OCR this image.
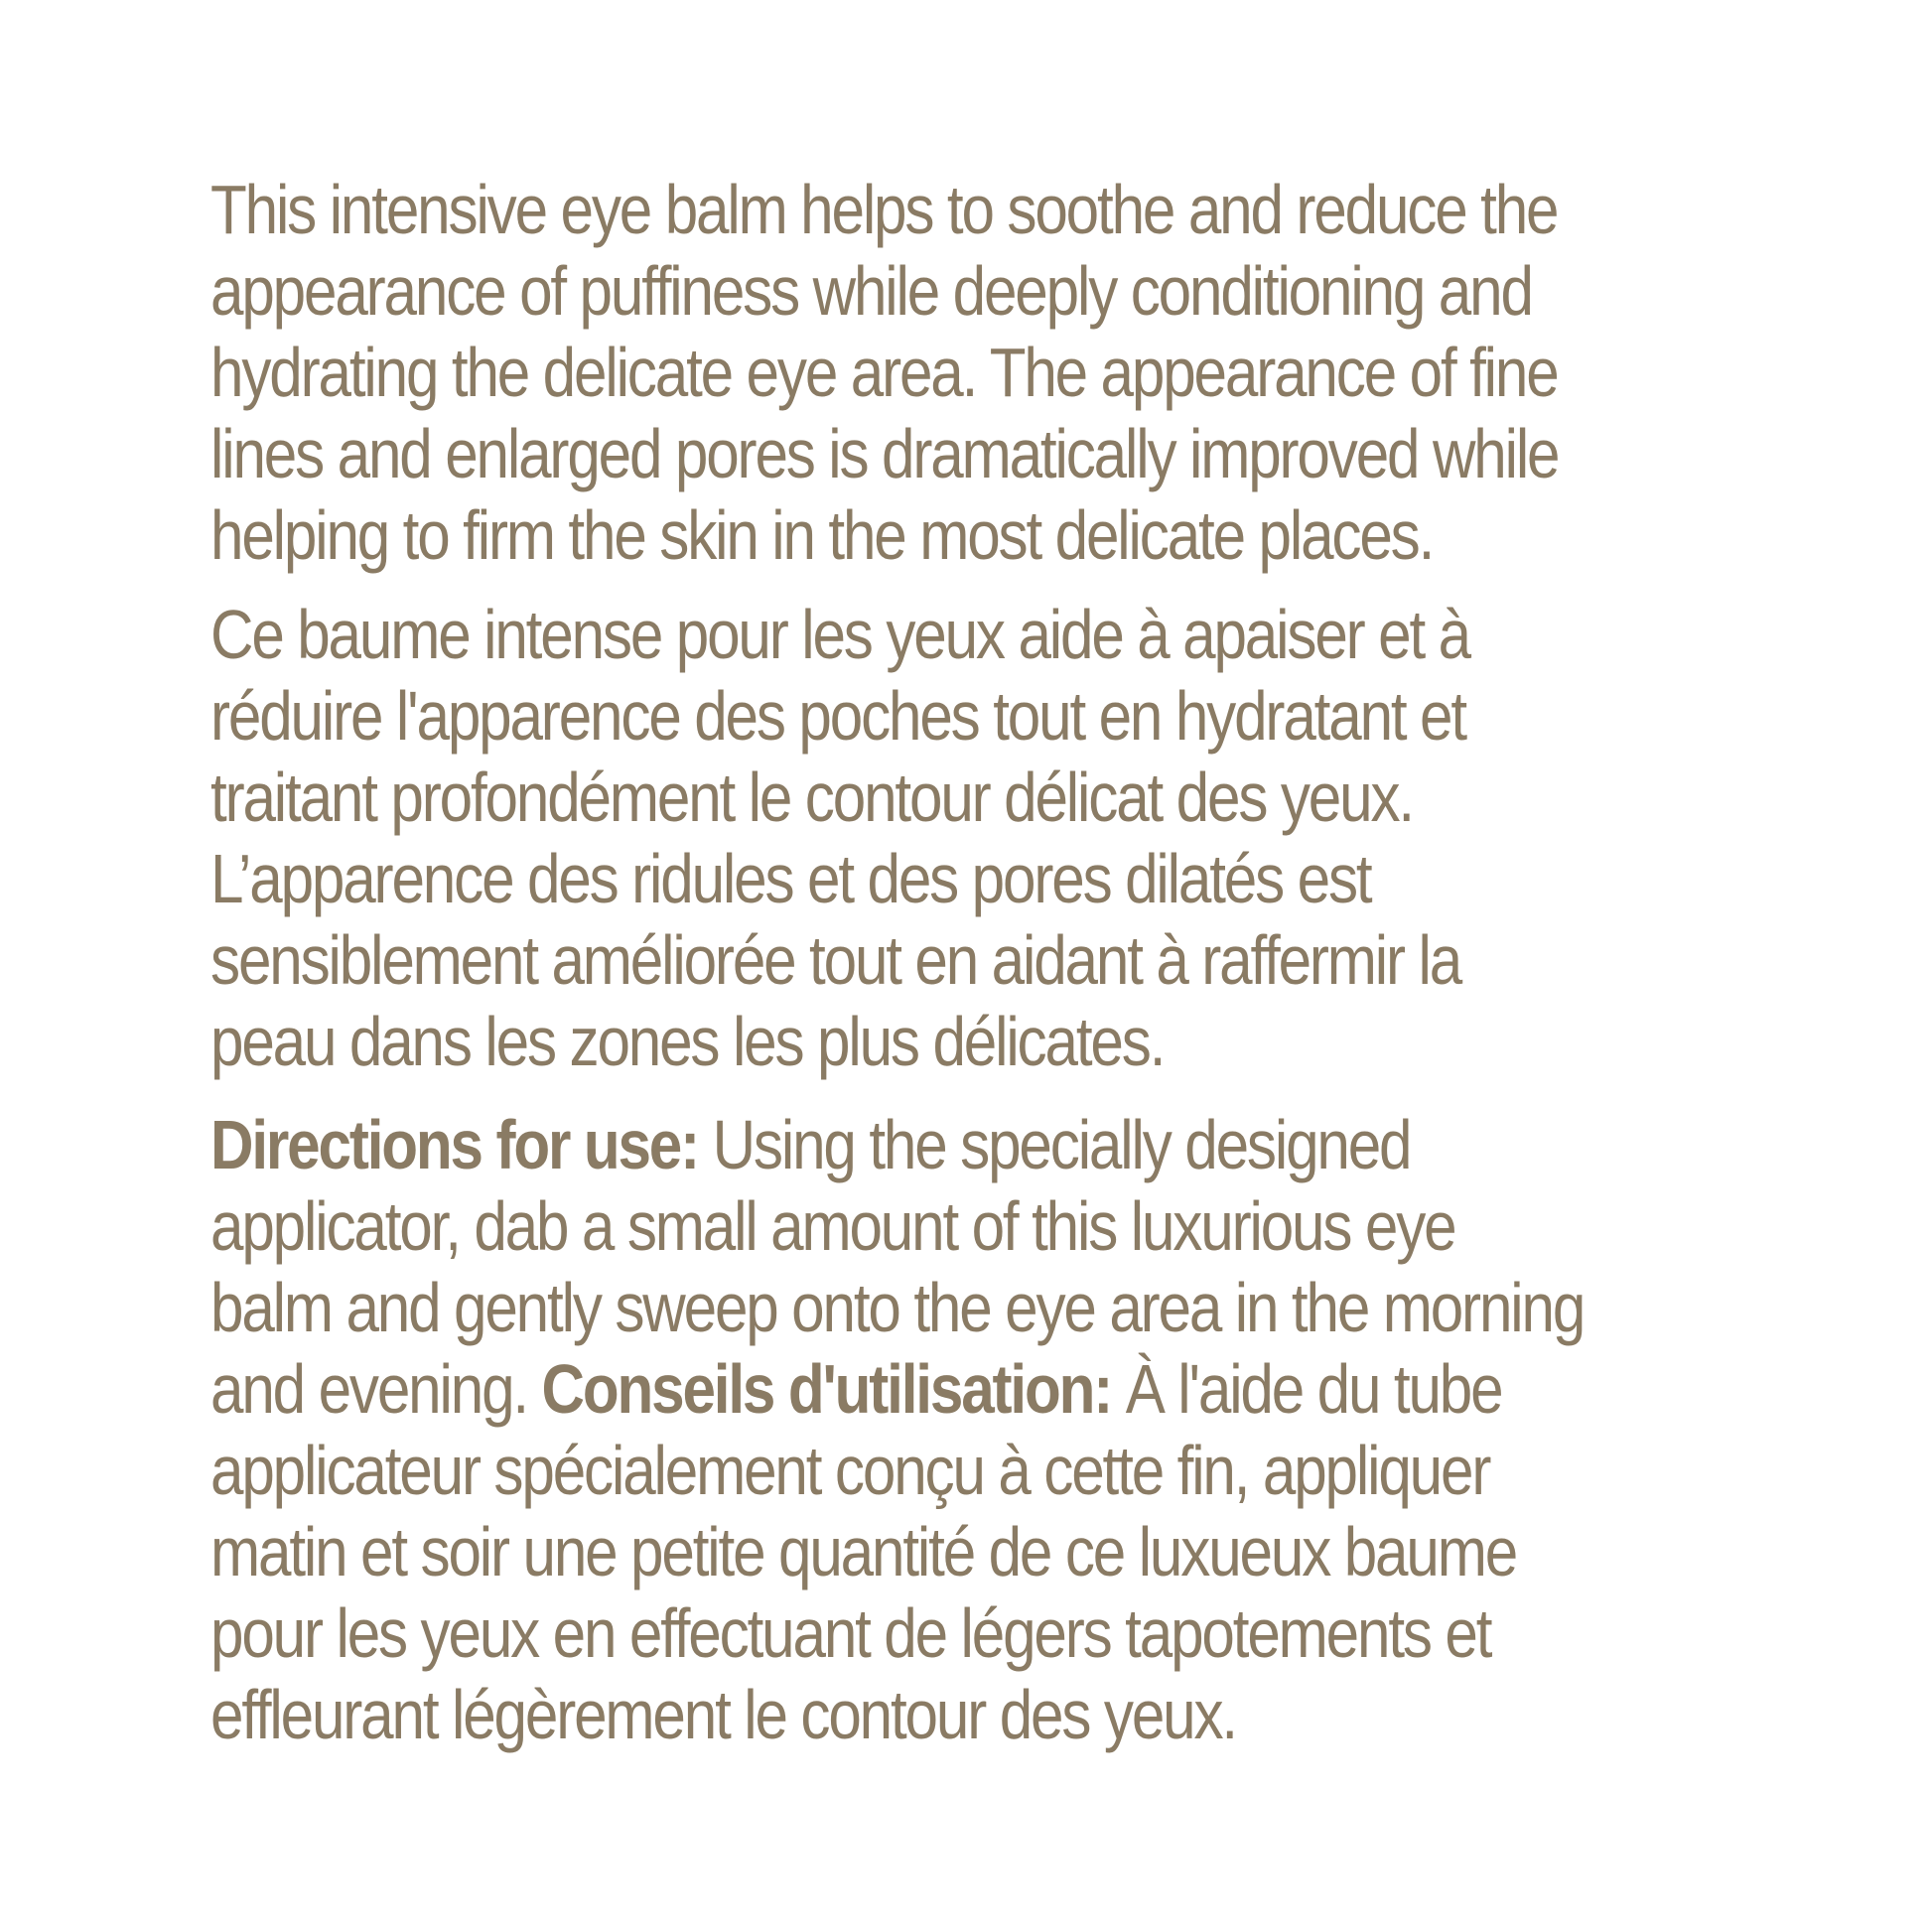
This intensive eye balm helps to soothe and reduce the
appearance of puffiness while deeply conditioning and
hydrating the delicate eye area. The appearance of fine
lines and enlarged pores is dramatically improved while
helping to firm the skin in the most delicate places.
Ce baume intense pour les yeux aide à apaiser et à
réduire l'apparence des poches tout en hydratant et
traitant profondément le contour délicat des yeux.
L’apparence des ridules et des pores dilatés est
sensiblement améliorée tout en aidant à raffermir la
peau dans les zones les plus délicates.
Directions for use: Using the specially designed
applicator, dab a small amount of this luxurious eye
balm and gently sweep onto the eye area in the morning
and evening. Conseils d'utilisation: À l'aide du tube
applicateur spécialement conçu à cette fin, appliquer
matin et soir une petite quantité de ce luxueux baume
pour les yeux en effectuant de légers tapotements et
effleurant légèrement le contour des yeux.
